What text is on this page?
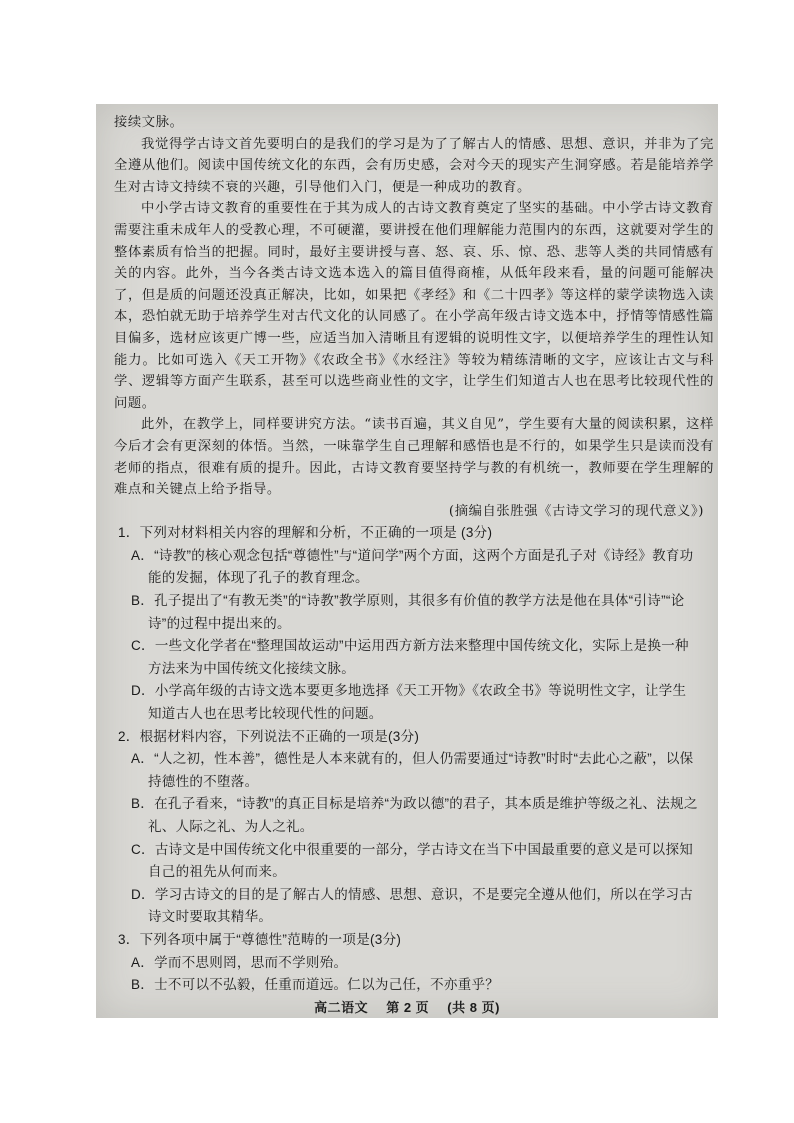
接续文脉。

我觉得学古诗文首先要明白的是我们的学习是为了了解古人的情感、思想、意识，并非为了完全遵从他们。阅读中国传统文化的东西，会有历史感，会对今天的现实产生洞穿感。若是能培养学生对古诗文持续不衰的兴趣，引导他们入门，便是一种成功的教育。

中小学古诗文教育的重要性在于其为成人的古诗文教育奠定了坚实的基础。中小学古诗文教育需要注重未成年人的受教心理，不可硬灌，要讲授在他们理解能力范围内的东西，这就要对学生的整体素质有恰当的把握。同时，最好主要讲授与喜、怒、哀、乐、惊、恐、悲等人类的共同情感有关的内容。此外，当今各类古诗文选本选入的篇目值得商榷，从低年段来看，量的问题可能解决了，但是质的问题还没真正解决，比如，如果把《孝经》和《二十四孝》等这样的蒙学读物选入读本，恐怕就无助于培养学生对古代文化的认同感了。在小学高年级古诗文选本中，抒情等情感性篇目偏多，选材应该更广博一些，应适当加入清晰且有逻辑的说明性文字，以便培养学生的理性认知能力。比如可选入《天工开物》《农政全书》《水经注》等较为精练清晰的文字，应该让古文与科学、逻辑等方面产生联系，甚至可以选些商业性的文字，让学生们知道古人也在思考比较现代性的问题。

此外，在教学上，同样要讲究方法。“读书百遍，其义自见”，学生要有大量的阅读积累，这样今后才会有更深刻的体悟。当然，一味靠学生自己理解和感悟也是不行的，如果学生只是读而没有老师的指点，很难有质的提升。因此，古诗文教育要坚持学与教的有机统一，教师要在学生理解的难点和关键点上给予指导。

(摘编自张胜强《古诗文学习的现代意义》)

1．下列对材料相关内容的理解和分析，不正确的一项是 (3分)

A．“诗教”的核心观念包括“尊德性”与“道问学”两个方面，这两个方面是孔子对《诗经》教育功能的发掘，体现了孔子的教育理念。

B．孔子提出了“有教无类”的“诗教”教学原则，其很多有价值的教学方法是他在具体“引诗”“论诗”的过程中提出来的。

C．一些文化学者在“整理国故运动”中运用西方新方法来整理中国传统文化，实际上是换一种方法来为中国传统文化接续文脉。

D．小学高年级的古诗文选本要更多地选择《天工开物》《农政全书》等说明性文字，让学生知道古人也在思考比较现代性的问题。

2．根据材料内容，下列说法不正确的一项是(3分)

A．“人之初，性本善”，德性是人本来就有的，但人仍需要通过“诗教”时时“去此心之蔽”，以保持德性的不堕落。

B．在孔子看来，“诗教”的真正目标是培养“为政以德”的君子，其本质是维护等级之礼、法规之礼、人际之礼、为人之礼。

C．古诗文是中国传统文化中很重要的一部分，学古诗文在当下中国最重要的意义是可以探知自己的祖先从何而来。

D．学习古诗文的目的是了解古人的情感、思想、意识，不是要完全遵从他们，所以在学习古诗文时要取其精华。

3．下列各项中属于“尊德性”范畴的一项是(3分)

A．学而不思则罔，思而不学则殆。

B．士不可以不弘毅，任重而道远。仁以为己任，不亦重乎？

高二语文 第 2 页 (共 8 页)
